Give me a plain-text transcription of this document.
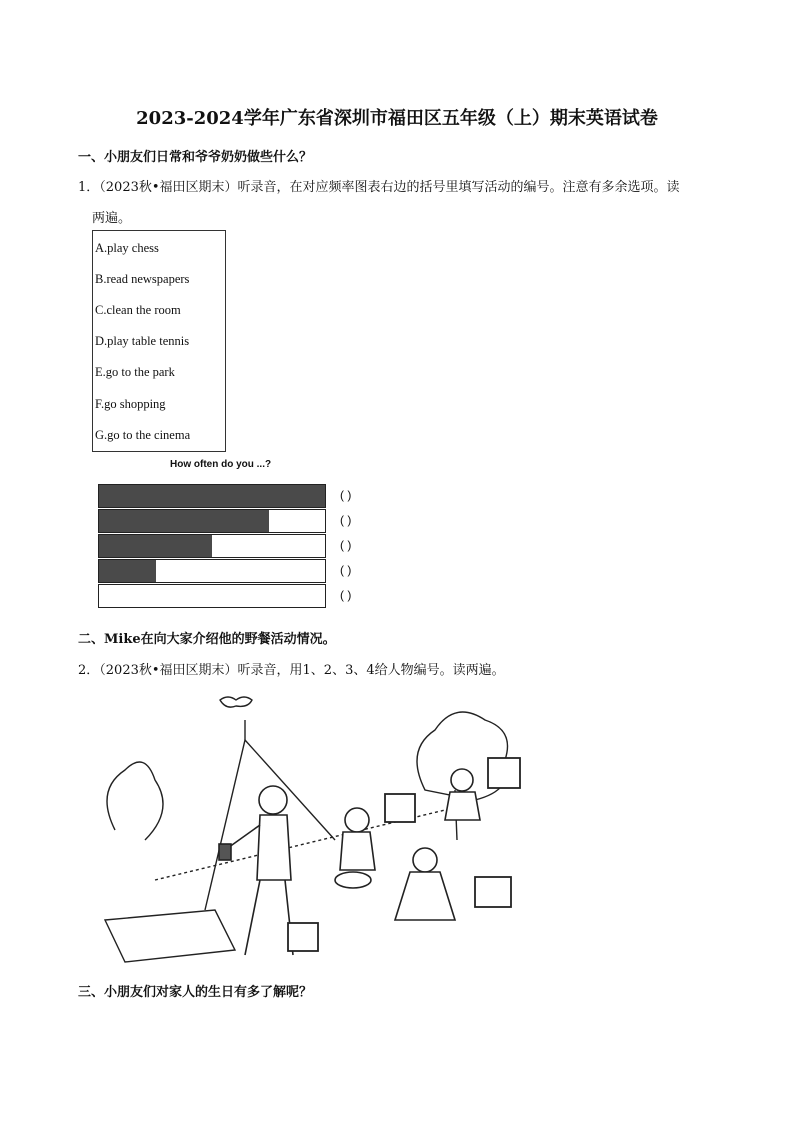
2023-2024学年广东省深圳市福田区五年级（上）期末英语试卷
一、小朋友们日常和爷爷奶奶做些什么？
1．（2023秋•福田区期末）听录音，在对应频率图表右边的括号里填写活动的编号。注意有多余选项。读
两遍。
A.play chess
B.read newspapers
C.clean the room
D.play table tennis
E.go to the park
F.go shopping
G.go to the cinema
How often do you ...?
( )
( )
( )
( )
( )
二、Mike在向大家介绍他的野餐活动情况。
2．（2023秋•福田区期末）听录音，用1、2、3、4给人物编号。读两遍。
三、小朋友们对家人的生日有多了解呢？
